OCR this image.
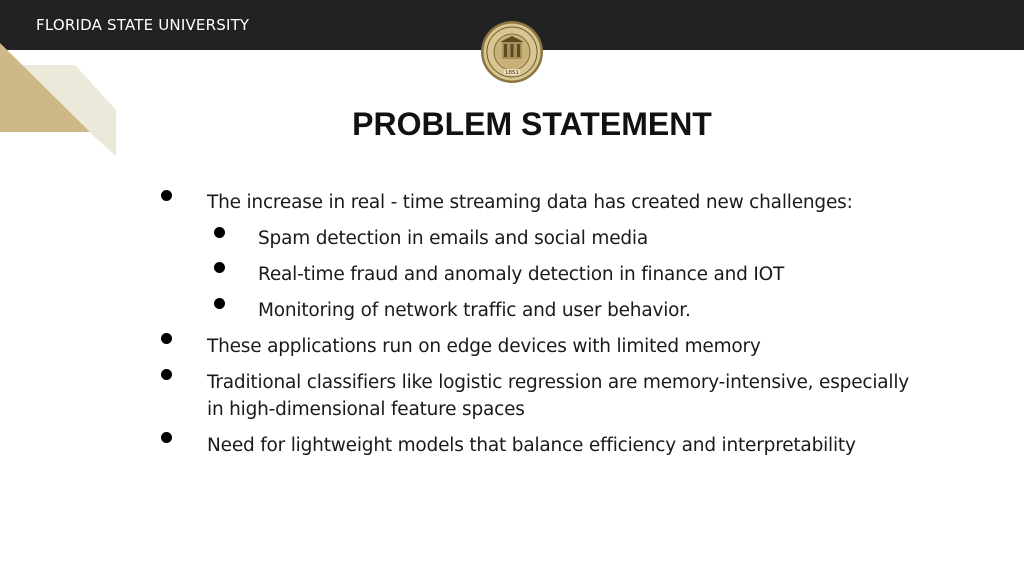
FLORIDA STATE UNIVERSITY
1851
PROBLEM STATEMENT
The increase in real - time streaming data has created new challenges:
Spam detection in emails and social media
Real-time fraud and anomaly detection in finance and IOT
Monitoring of network traffic and user behavior.
These applications run on edge devices with limited memory
Traditional classifiers like logistic regression are memory-intensive, especially
in high-dimensional feature spaces
Need for lightweight models that balance efficiency and interpretability
